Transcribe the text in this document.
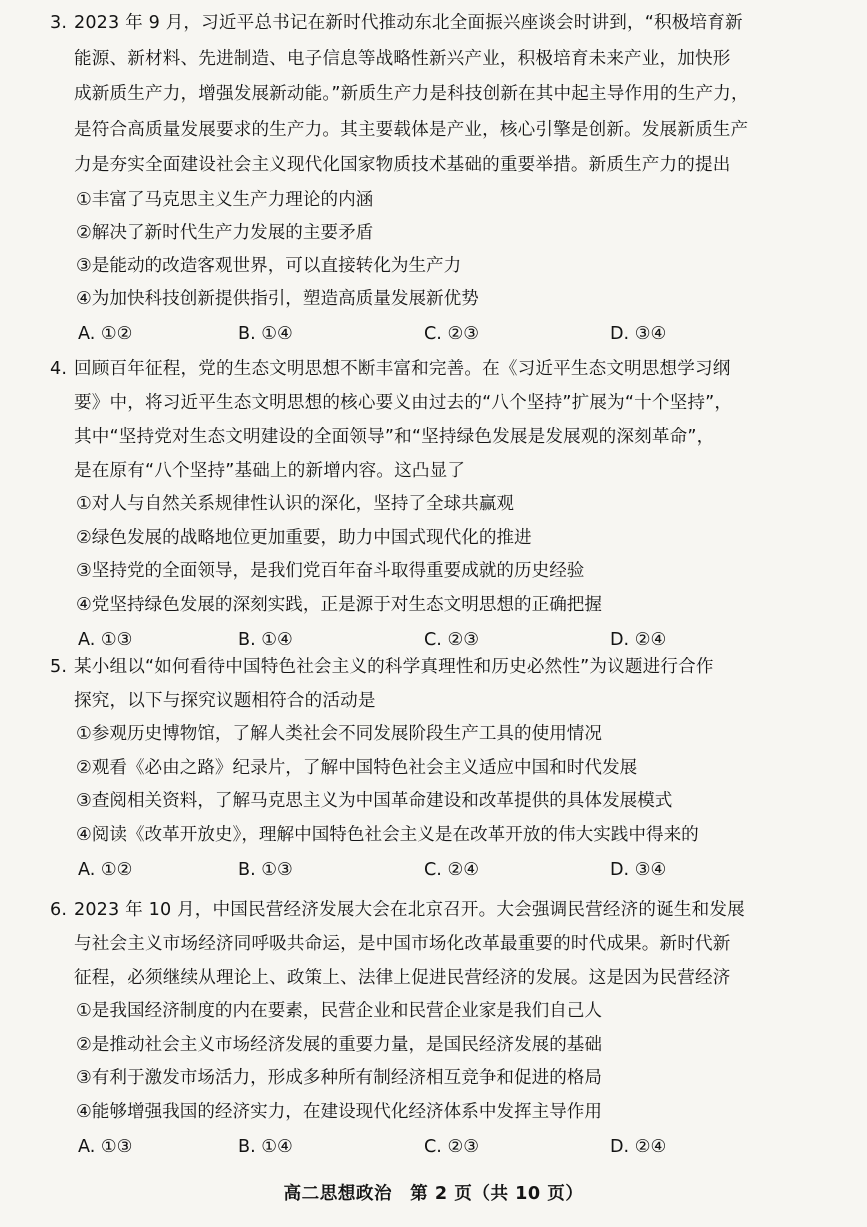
3. 2023 年 9 月，习近平总书记在新时代推动东北全面振兴座谈会时讲到，“积极培育新
能源、新材料、先进制造、电子信息等战略性新兴产业，积极培育未来产业，加快形
成新质生产力，增强发展新动能。”新质生产力是科技创新在其中起主导作用的生产力，
是符合高质量发展要求的生产力。其主要载体是产业，核心引擎是创新。发展新质生产
力是夯实全面建设社会主义现代化国家物质技术基础的重要举措。新质生产力的提出
①丰富了马克思主义生产力理论的内涵
②解决了新时代生产力发展的主要矛盾
③是能动的改造客观世界，可以直接转化为生产力
④为加快科技创新提供指引，塑造高质量发展新优势
A. ①②	B. ①④	C. ②③	D. ③④
4. 回顾百年征程，党的生态文明思想不断丰富和完善。在《习近平生态文明思想学习纲
要》中，将习近平生态文明思想的核心要义由过去的“八个坚持”扩展为“十个坚持”，
其中“坚持党对生态文明建设的全面领导”和“坚持绿色发展是发展观的深刻革命”，
是在原有“八个坚持”基础上的新增内容。这凸显了
①对人与自然关系规律性认识的深化，坚持了全球共赢观
②绿色发展的战略地位更加重要，助力中国式现代化的推进
③坚持党的全面领导，是我们党百年奋斗取得重要成就的历史经验
④党坚持绿色发展的深刻实践，正是源于对生态文明思想的正确把握
A. ①③	B. ①④	C. ②③	D. ②④
5. 某小组以“如何看待中国特色社会主义的科学真理性和历史必然性”为议题进行合作
探究，以下与探究议题相符合的活动是
①参观历史博物馆，了解人类社会不同发展阶段生产工具的使用情况
②观看《必由之路》纪录片，了解中国特色社会主义适应中国和时代发展
③查阅相关资料，了解马克思主义为中国革命建设和改革提供的具体发展模式
④阅读《改革开放史》，理解中国特色社会主义是在改革开放的伟大实践中得来的
A. ①②	B. ①③	C. ②④	D. ③④
6. 2023 年 10 月，中国民营经济发展大会在北京召开。大会强调民营经济的诞生和发展
与社会主义市场经济同呼吸共命运，是中国市场化改革最重要的时代成果。新时代新
征程，必须继续从理论上、政策上、法律上促进民营经济的发展。这是因为民营经济
①是我国经济制度的内在要素，民营企业和民营企业家是我们自己人
②是推动社会主义市场经济发展的重要力量，是国民经济发展的基础
③有利于激发市场活力，形成多种所有制经济相互竞争和促进的格局
④能够增强我国的经济实力，在建设现代化经济体系中发挥主导作用
A. ①③	B. ①④	C. ②③	D. ②④
高二思想政治　第 2 页（共 10 页）
